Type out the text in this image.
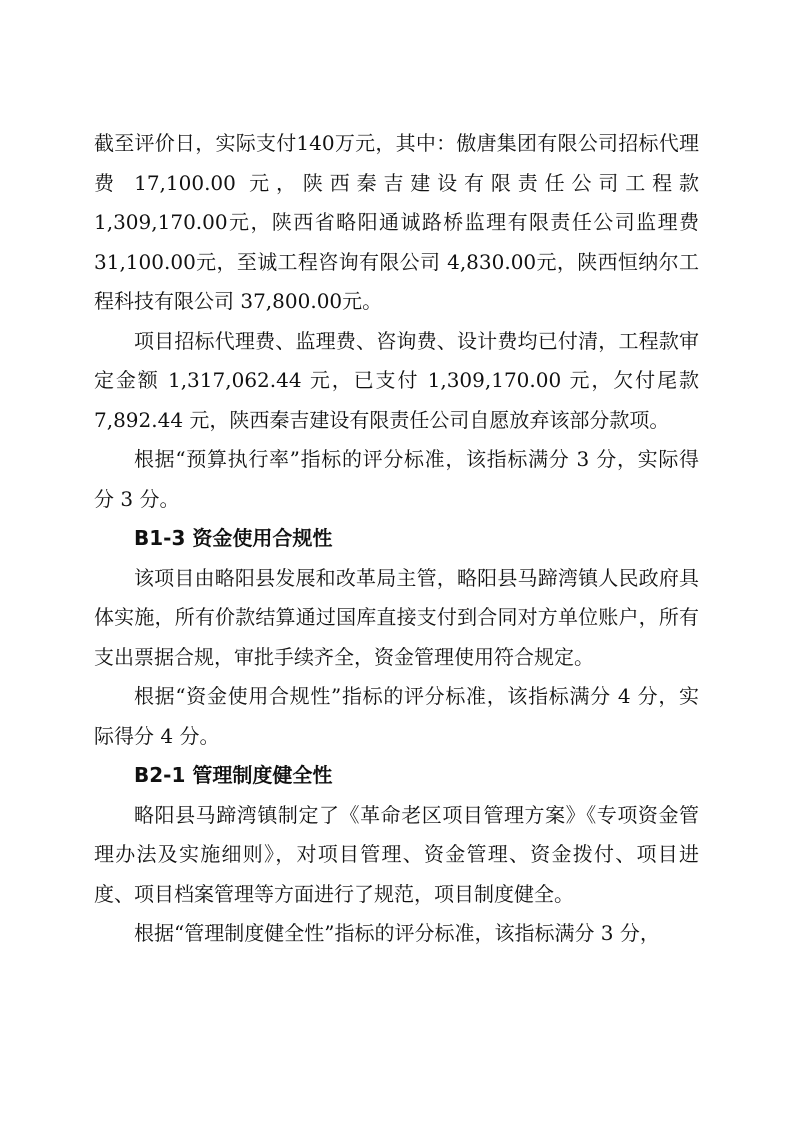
截至评价日，实际支付140万元，其中：傲唐集团有限公司招标代理费 17,100.00 元，陕西秦吉建设有限责任公司工程款 1,309,170.00元，陕西省略阳通诚路桥监理有限责任公司监理费 31,100.00元，至诚工程咨询有限公司 4,830.00元，陕西恒纳尔工程科技有限公司 37,800.00元。

项目招标代理费、监理费、咨询费、设计费均已付清，工程款审定金额 1,317,062.44 元，已支付 1,309,170.00 元，欠付尾款 7,892.44 元，陕西秦吉建设有限责任公司自愿放弃该部分款项。

根据“预算执行率”指标的评分标准，该指标满分 3 分，实际得分 3 分。

B1-3 资金使用合规性

该项目由略阳县发展和改革局主管，略阳县马蹄湾镇人民政府具体实施，所有价款结算通过国库直接支付到合同对方单位账户，所有支出票据合规，审批手续齐全，资金管理使用符合规定。

根据“资金使用合规性”指标的评分标准，该指标满分 4 分，实际得分 4 分。

B2-1 管理制度健全性

略阳县马蹄湾镇制定了《革命老区项目管理方案》《专项资金管理办法及实施细则》，对项目管理、资金管理、资金拨付、项目进度、项目档案管理等方面进行了规范，项目制度健全。

根据“管理制度健全性”指标的评分标准，该指标满分 3 分，
